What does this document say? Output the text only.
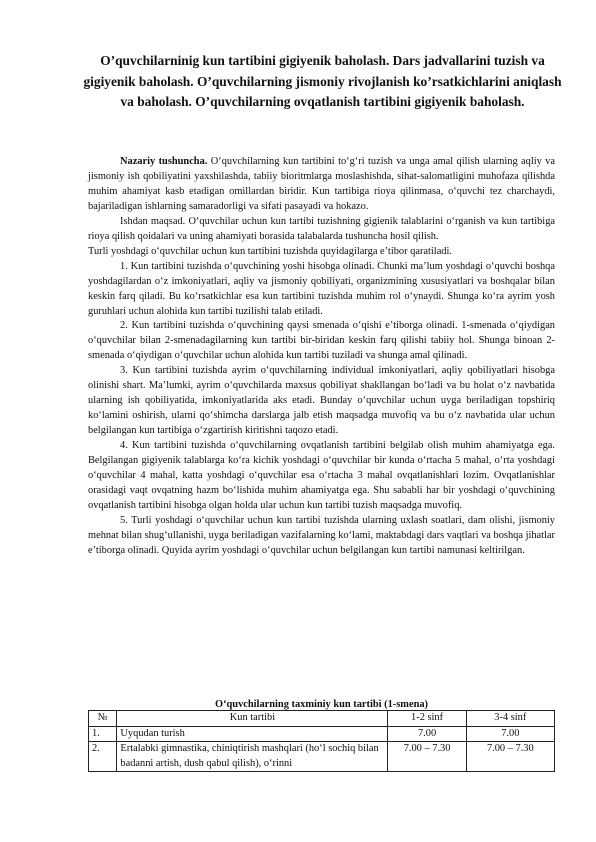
O’quvchilarninig kun tartibini gigiyenik baholash. Dars jadvallarini tuzish va gigiyenik baholash. O’quvchilarning jismoniy rivojlanish ko’rsatkichlarini aniqlash va baholash. O’quvchilarning ovqatlanish tartibini gigiyenik baholash.

Nazariy tushuncha. O‘quvchilarning kun tartibini to‘g‘ri tuzish va unga amal qilish ularning aqliy va jismoniy ish qobiliyatini yaxshilashda, tabiiy bioritmlarga moslashishda, sihat-salomatligini muhofaza qilishda muhim ahamiyat kasb etadigan omillardan biridir. Kun tartibiga rioya qilinmasa, o‘quvchi tez charchaydi, bajariladigan ishlarning samaradorligi va sifati pasayadi va hokazo.

Ishdan maqsad. O‘quvchilar uchun kun tartibi tuzishning gigienik talablarini o‘rganish va kun tartibiga rioya qilish qoidalari va uning ahamiyati borasida talabalarda tushuncha hosil qilish.

Turli yoshdagi o‘quvchilar uchun kun tartibini tuzishda quyidagilarga e’tibor qaratiladi.

1. Kun tartibini tuzishda o‘quvchining yoshi hisobga olinadi. Chunki ma’lum yoshdagi o‘quvchi boshqa yoshdagilardan o‘z imkoniyatlari, aqliy va jismoniy qobiliyati, organizmining xususiyatlari va boshqalar bilan keskin farq qiladi. Bu ko‘rsatkichlar esa kun tartibini tuzishda muhim rol o‘ynaydi. Shunga ko‘ra ayrim yosh guruhlari uchun alohida kun tartibi tuzilishi talab etiladi.

2. Kun tartibini tuzishda o‘quvchining qaysi smenada o‘qishi e’tiborga olinadi. 1-smenada o‘qiydigan o‘quvchilar bilan 2-smenadagilarning kun tartibi bir-biridan keskin farq qilishi tabiiy hol. Shunga binoan 2-smenada o‘qiydigan o‘quvchilar uchun alohida kun tartibi tuziladi va shunga amal qilinadi.

3. Kun tartibini tuzishda ayrim o‘quvchilarning individual imkoniyatlari, aqliy qobiliyatlari hisobga olinishi shart. Ma’lumki, ayrim o‘quvchilarda maxsus qobiliyat shakllangan bo‘ladi va bu holat o‘z navbatida ularning ish qobiliyatida, imkoniyatlarida aks etadi. Bunday o‘quvchilar uchun uyga beriladigan topshiriq ko‘lamini oshirish, ularni qo‘shimcha darslarga jalb etish maqsadga muvofiq va bu o‘z navbatida ular uchun belgilangan kun tartibiga o‘zgartirish kiritishni taqozo etadi.

4. Kun tartibini tuzishda o‘quvchilarning ovqatlanish tartibini belgilab olish muhim ahamiyatga ega. Belgilangan gigiyenik talablarga ko‘ra kichik yoshdagi o‘quvchilar bir kunda o‘rtacha 5 mahal, o‘rta yoshdagi o‘quvchilar 4 mahal, katta yoshdagi o‘quvchilar esa o‘rtacha 3 mahal ovqatlanishlari lozim. Ovqatlanishlar orasidagi vaqt ovqatning hazm bo‘lishida muhim ahamiyatga ega. Shu sababli har bir yoshdagi o‘quvchining ovqatlanish tartibini hisobga olgan holda ular uchun kun tartibi tuzish maqsadga muvofiq.

5. Turli yoshdagi o‘quvchilar uchun kun tartibi tuzishda ularning uxlash soatlari, dam olishi, jismoniy mehnat bilan shug‘ullanishi, uyga beriladigan vazifalarning ko‘lami, maktabdagi dars vaqtlari va boshqa jihatlar e’tiborga olinadi. Quyida ayrim yoshdagi o‘quvchilar uchun belgilangan kun tartibi namunasi keltirilgan.

O‘quvchilarning taxminiy kun tartibi (1-smena)
№	Kun tartibi	1-2 sinf	3-4 sinf
1.	Uyqudan turish	7.00	7.00
2.	Ertalabki gimnastika, chiniqtirish mashqlari (ho‘l sochiq bilan badanni artish, dush qabul qilish), o‘rinni	7.00 – 7.30	7.00 – 7.30
